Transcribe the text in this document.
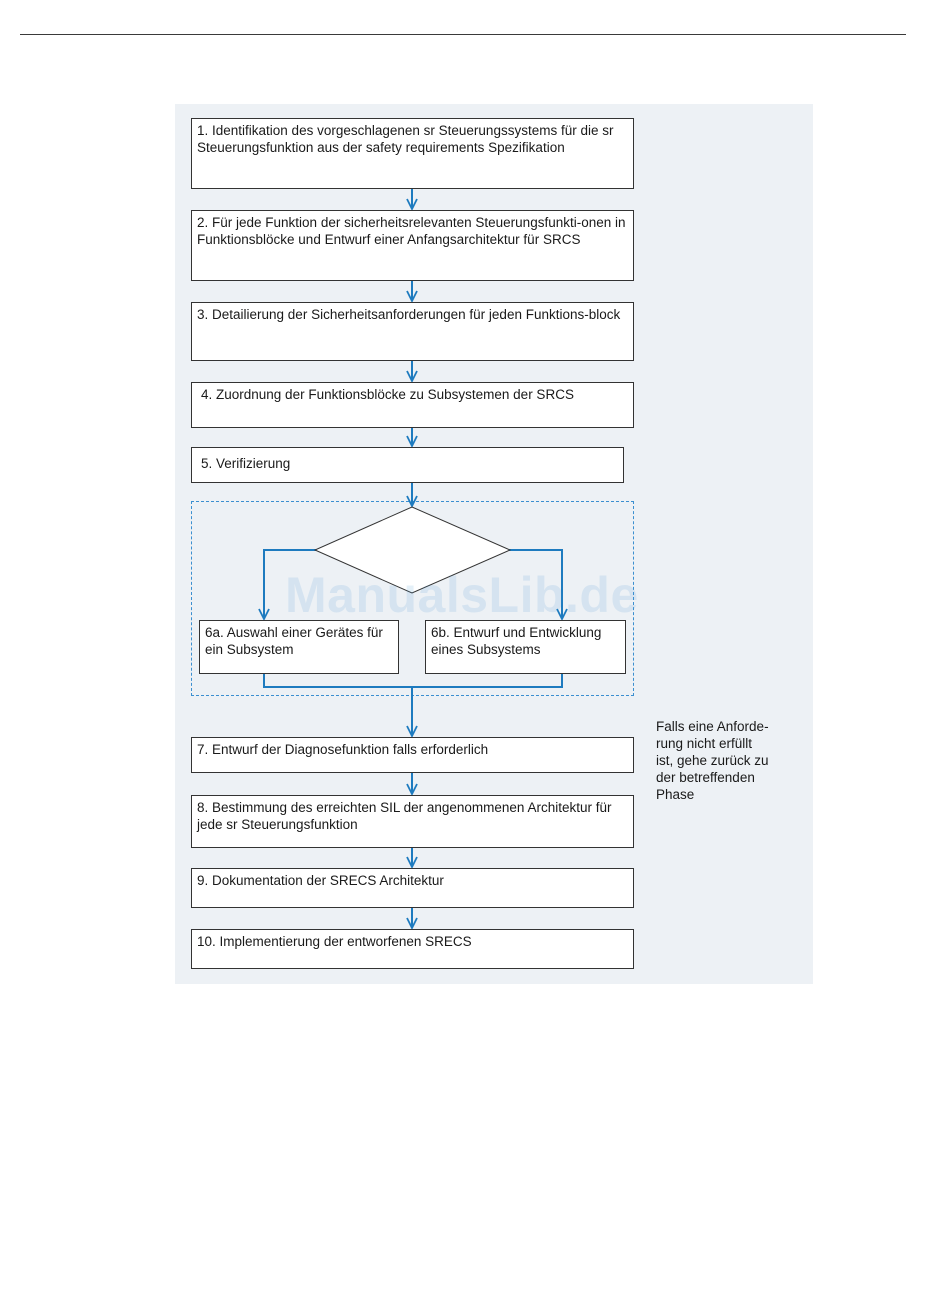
1. Identifikation des vorgeschlagenen sr Steuerungssystems für die sr Steuerungsfunktion aus der safety requirements Spezifikation
2. Für jede Funktion der sicherheitsrelevanten Steuerungsfunkti-onen in Funktionsblöcke und Entwurf einer Anfangsarchitektur für SRCS
3. Detailierung der Sicherheitsanforderungen für jeden Funktions-block
4. Zuordnung der Funktionsblöcke zu Subsystemen der SRCS
5. Verifizierung
6a. Auswahl einer Gerätes für ein Subsystem
6b. Entwurf und Entwicklung eines Subsystems
7. Entwurf der Diagnosefunktion falls erforderlich
8. Bestimmung des erreichten SIL der angenommenen Architektur für jede sr Steuerungsfunktion
9. Dokumentation der SRECS Architektur
10. Implementierung der entworfenen SRECS
Falls eine Anforde-
rung nicht erfüllt
ist, gehe zurück zu
der betreffenden
Phase
ManualsLib.de
